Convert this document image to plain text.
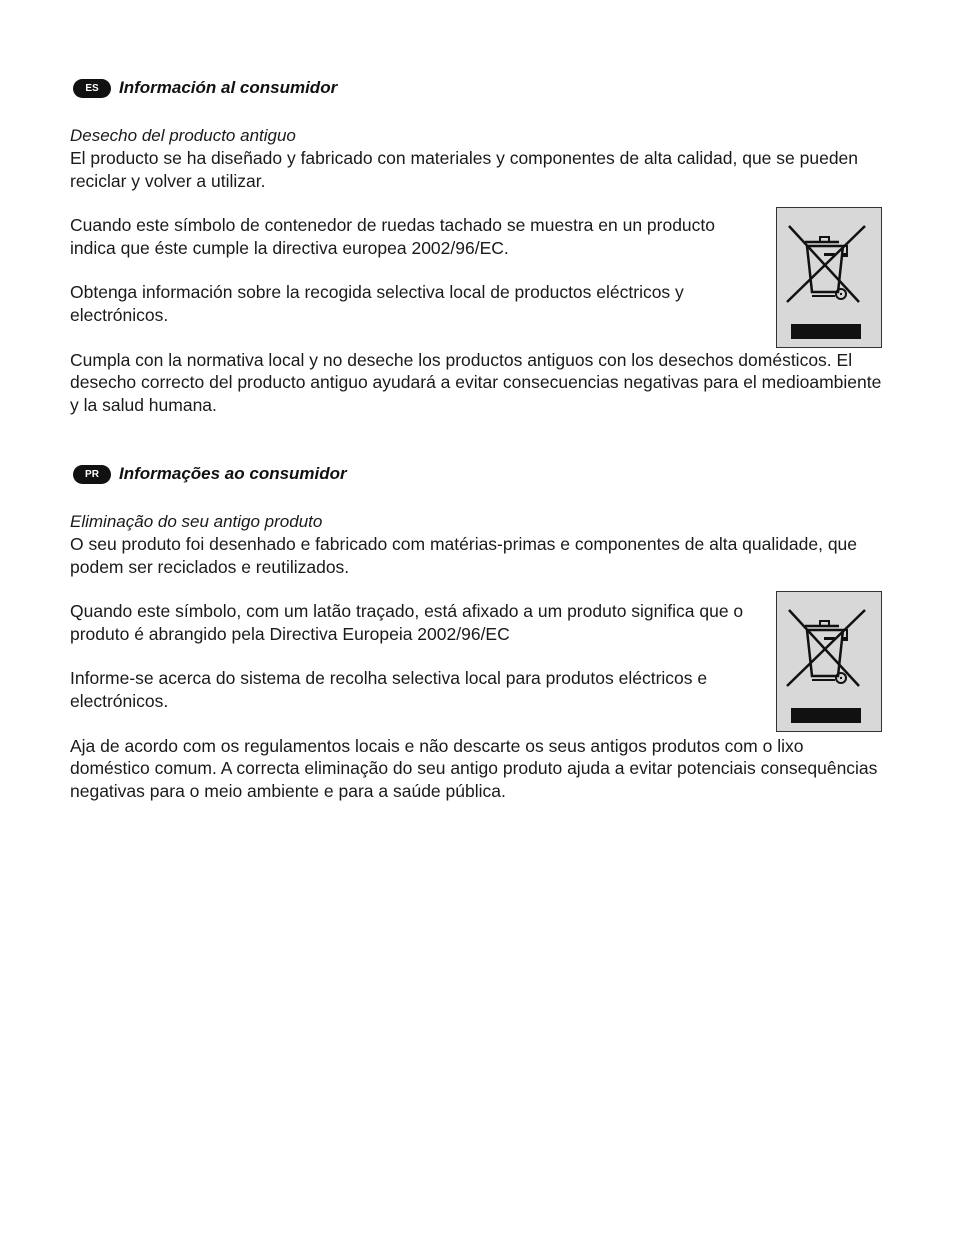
ES	Información al consumidor
Desecho del producto antiguo

El producto se ha diseñado y fabricado con materiales y componentes de alta calidad, que se pueden reciclar y volver a utilizar.

Cuando este símbolo de contenedor de ruedas tachado se muestra en un producto indica que éste cumple la directiva europea 2002/96/EC.

Obtenga información sobre la recogida selectiva local de productos eléctricos y electrónicos.

Cumpla con la normativa local y no deseche los productos antiguos con los desechos domésticos. El desecho correcto del producto antiguo ayudará a evitar consecuencias negativas para el medioambiente y la salud humana.

PR	Informações ao consumidor
Eliminação do seu antigo produto

O seu produto foi desenhado e fabricado com matérias-primas e componentes de alta qualidade, que podem ser reciclados e reutilizados.

Quando este símbolo, com um latão traçado, está afixado a um produto significa que o produto é abrangido pela Directiva Europeia 2002/96/EC

Informe-se acerca do sistema de recolha selectiva local para produtos eléctricos e electrónicos.

Aja de acordo com os regulamentos locais e não descarte os seus antigos produtos com o lixo doméstico comum. A correcta eliminação do seu antigo produto ajuda a evitar potenciais consequências negativas para o meio ambiente e para a saúde pública.
